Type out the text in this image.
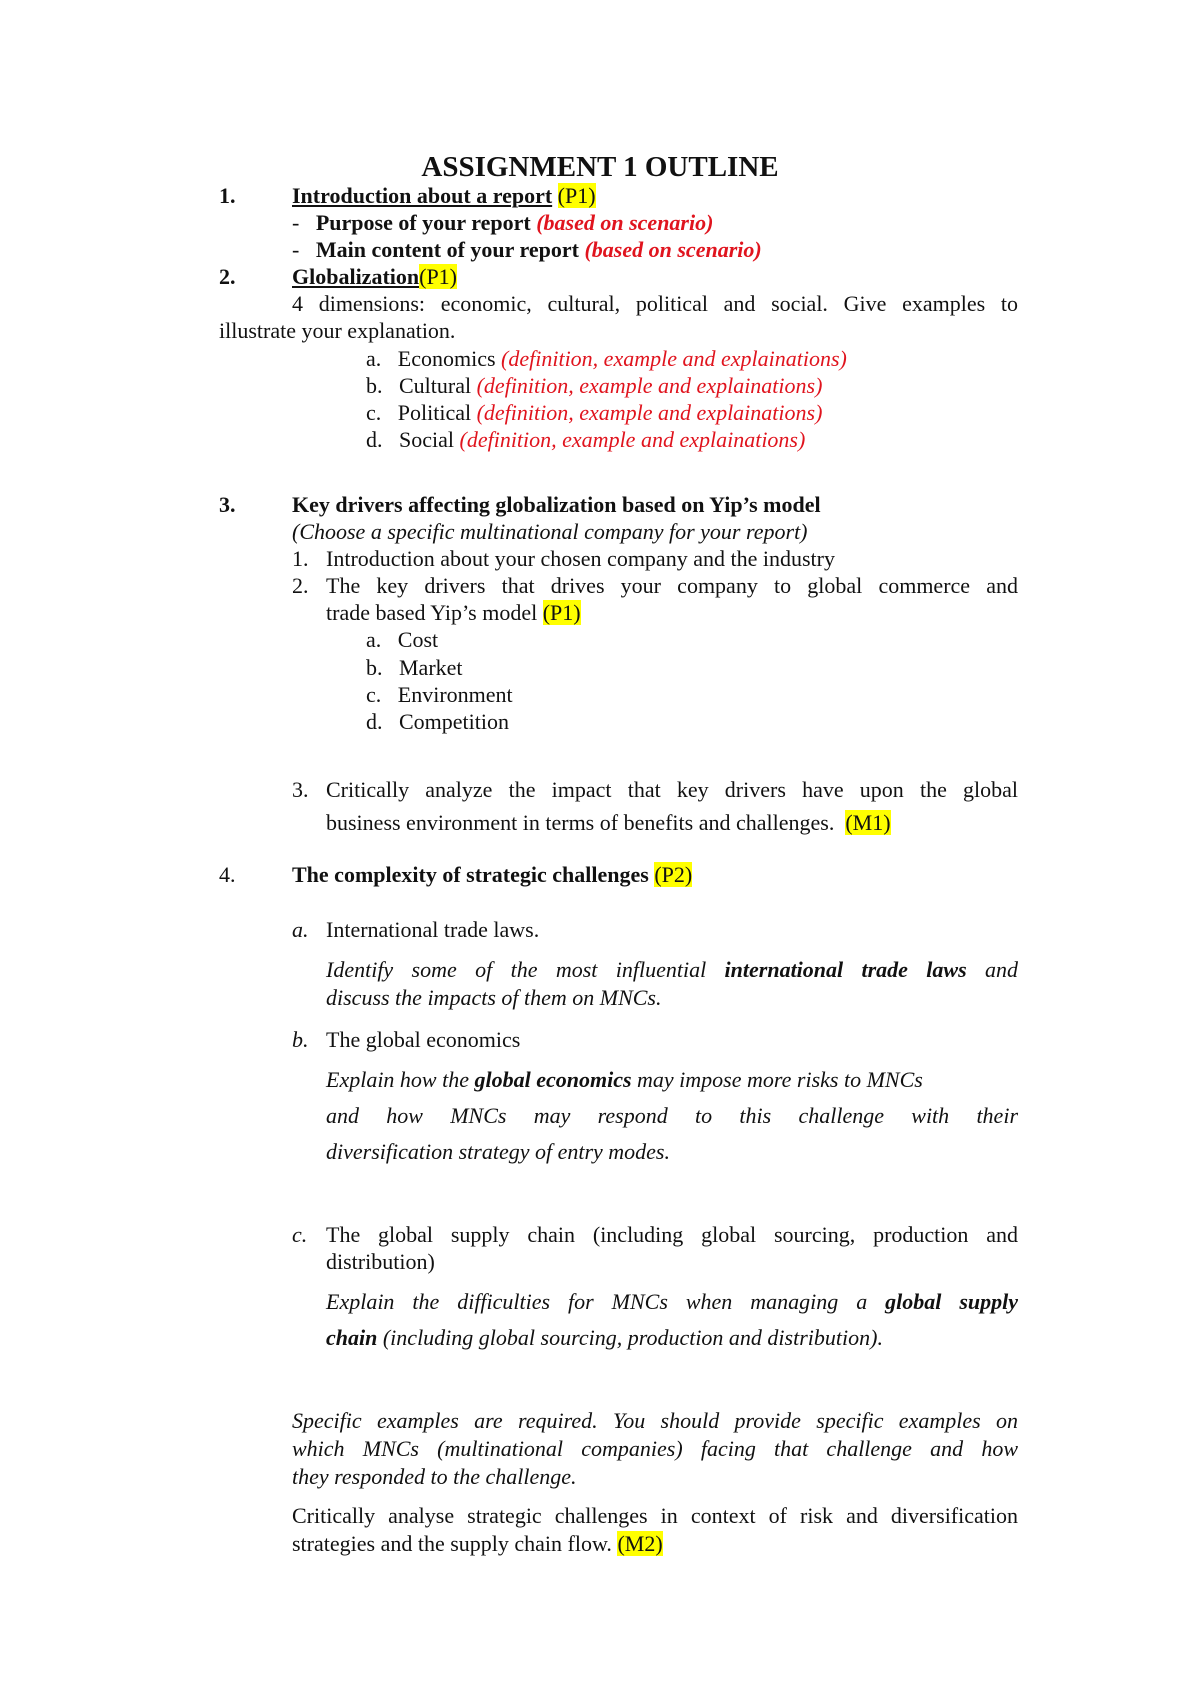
ASSIGNMENT 1 OUTLINE
1.	Introduction about a report (P1)
- Purpose of your report (based on scenario)
- Main content of your report (based on scenario)
2.	Globalization(P1)
4 dimensions: economic, cultural, political and social. Give examples to
illustrate your explanation.
a. Economics (definition, example and explainations)
b. Cultural (definition, example and explainations)
c. Political (definition, example and explainations)
d. Social (definition, example and explainations)
3.	Key drivers affecting globalization based on Yip’s model
(Choose a specific multinational company for your report)
1. Introduction about your chosen company and the industry
2. The key drivers that drives your company to global commerce and
trade based Yip’s model (P1)
a. Cost
b. Market
c. Environment
d. Competition
3. Critically analyze the impact that key drivers have upon the global
business environment in terms of benefits and challenges. (M1)
4.	The complexity of strategic challenges (P2)
a. International trade laws.
Identify some of the most influential international trade laws and
discuss the impacts of them on MNCs.
b. The global economics
Explain how the global economics may impose more risks to MNCs
and how MNCs may respond to this challenge with their
diversification strategy of entry modes.
c. The global supply chain (including global sourcing, production and
distribution)
Explain the difficulties for MNCs when managing a global supply
chain (including global sourcing, production and distribution).
Specific examples are required. You should provide specific examples on
which MNCs (multinational companies) facing that challenge and how
they responded to the challenge.
Critically analyse strategic challenges in context of risk and diversification
strategies and the supply chain flow. (M2)
